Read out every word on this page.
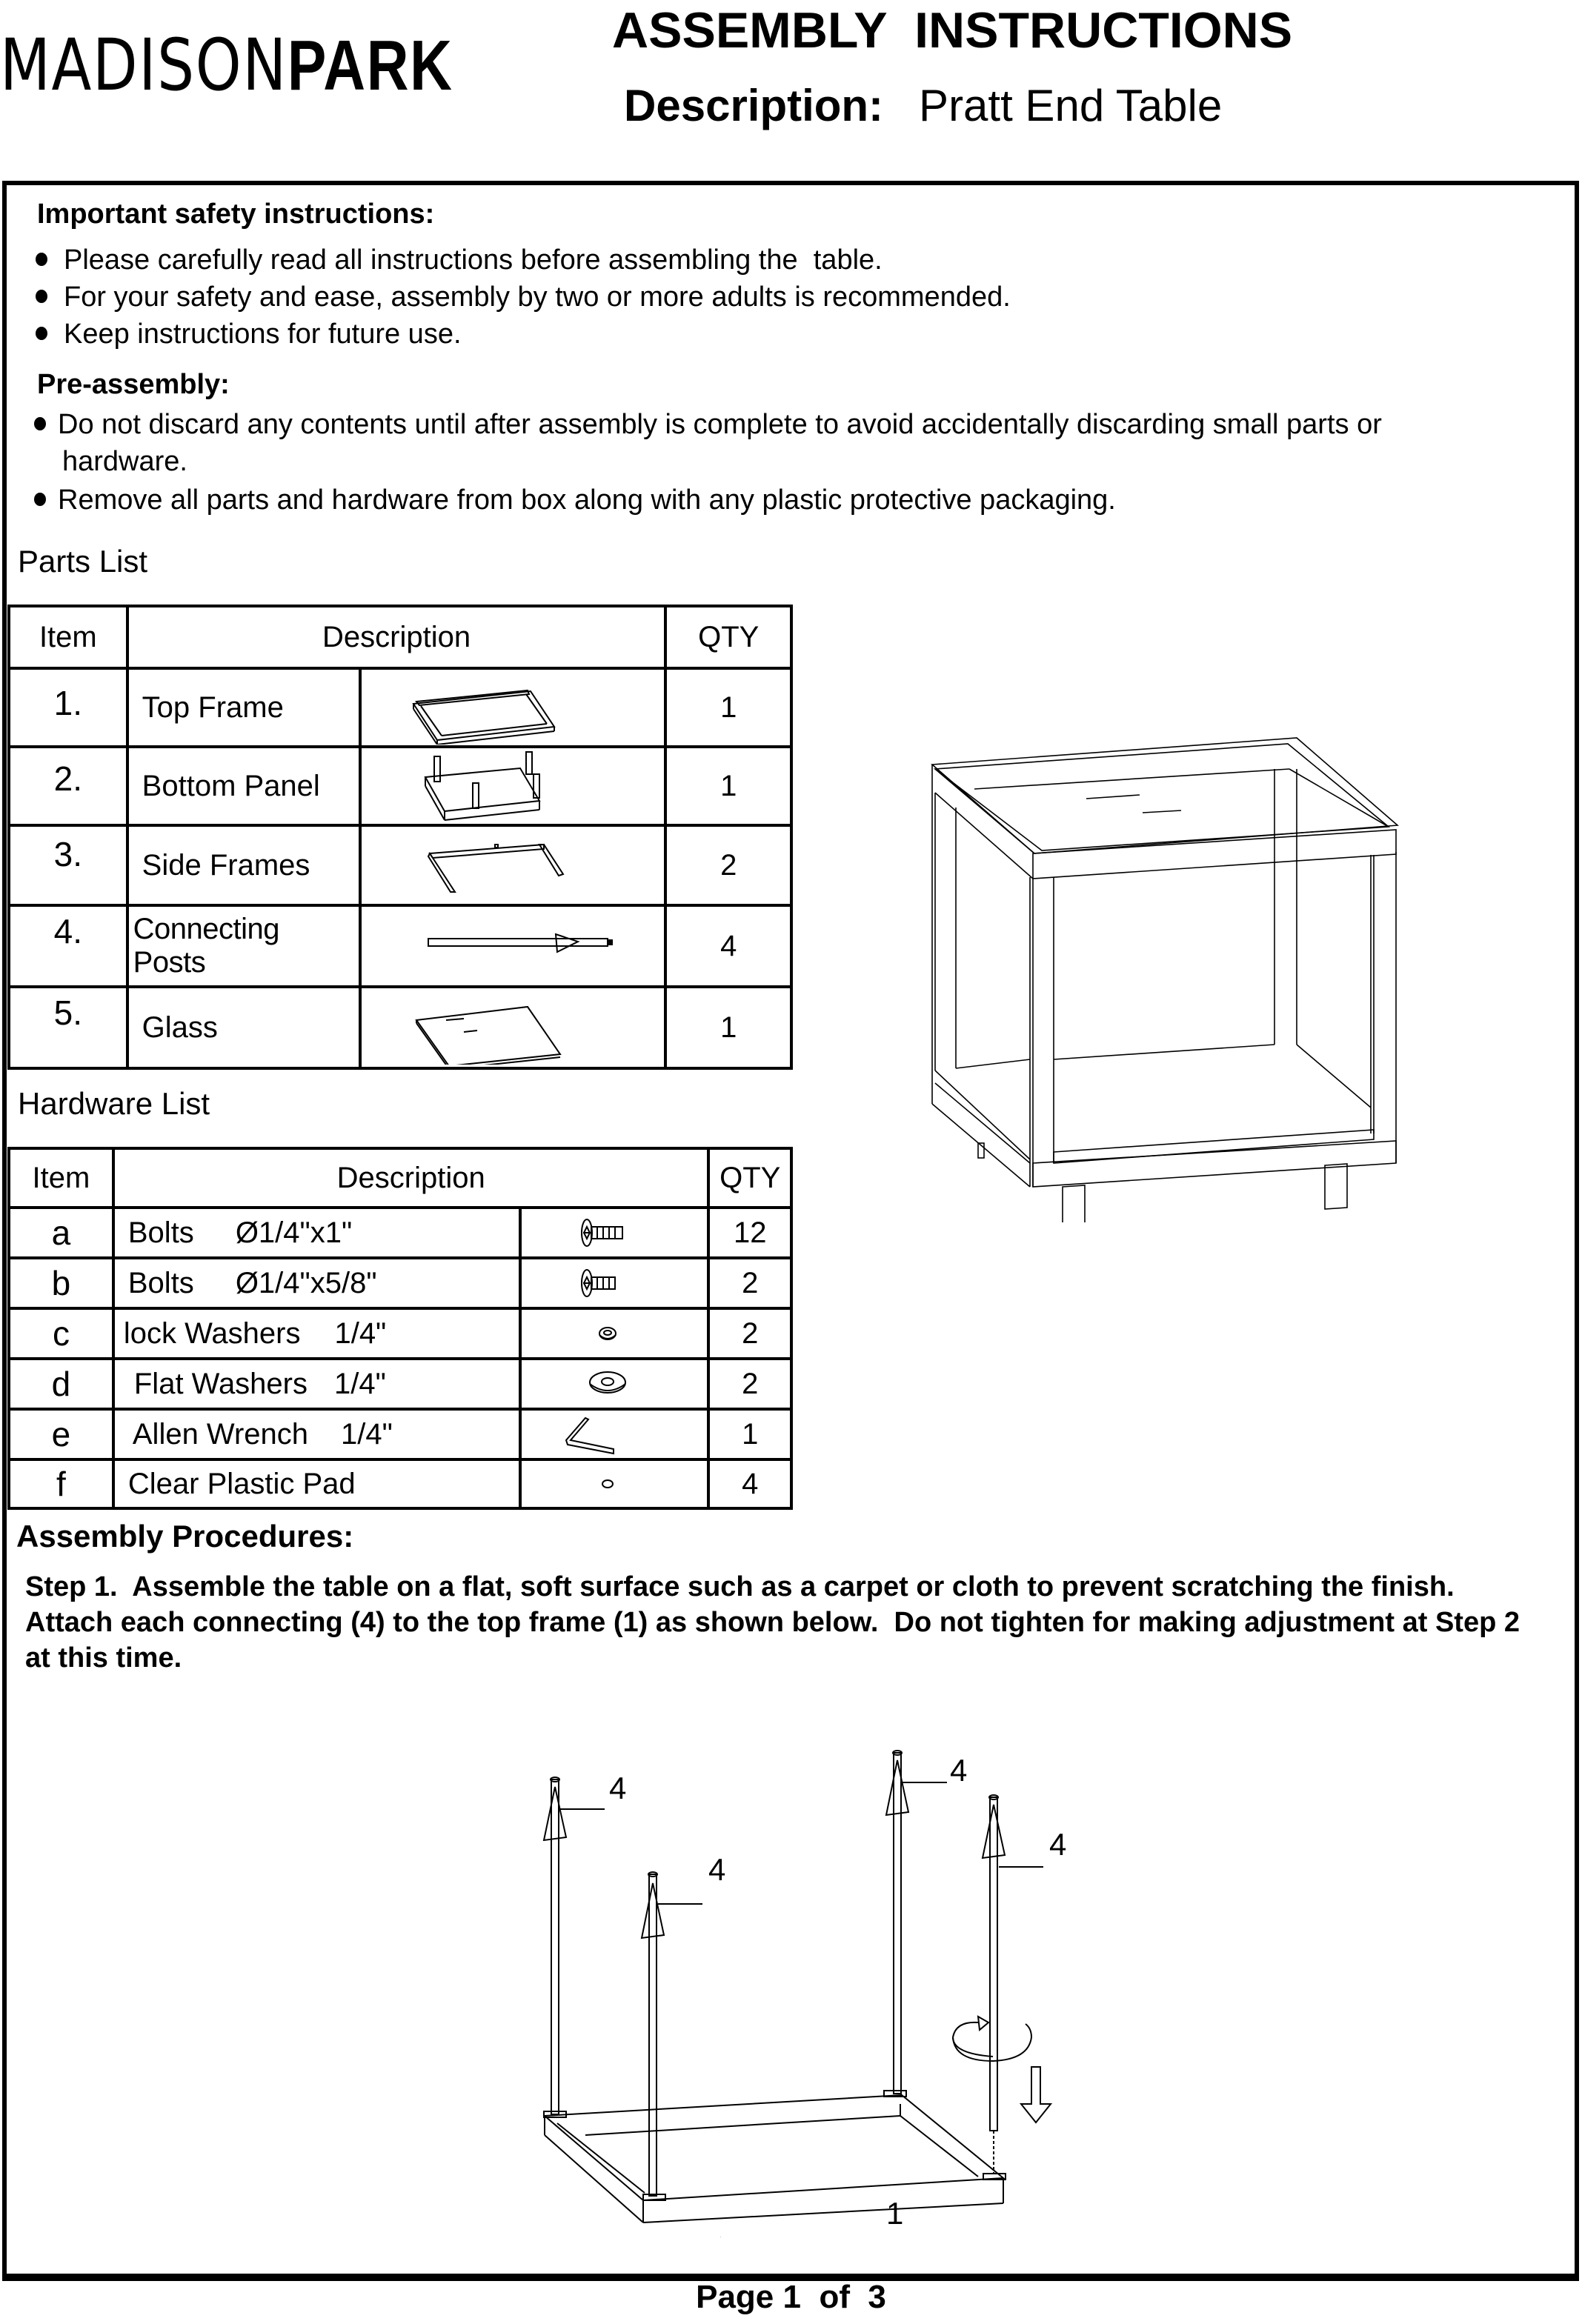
MADISONPARK	ASSEMBLY  INSTRUCTIONS
Description: Pratt End Table
Important safety instructions:
Please carefully read all instructions before assembling the  table.
For your safety and ease, assembly by two or more adults is recommended.
Keep instructions for future use.
Pre-assembly:
Do not discard any contents until after assembly is complete to avoid accidentally discarding small parts or
hardware.
Remove all parts and hardware from box along with any plastic protective packaging.
Parts List
Item	Description		QTY
1.	Top Frame		1
2.	Bottom Panel		1
3.	Side Frames		2
4.	Connecting Posts		4
5.	Glass		1
Hardware List
Item	Description		QTY
a	Bolts Ø1/4"x1"		12
b	Bolts Ø1/4"x5/8"		2
c	lock Washers 1/4"		2
d	Flat Washers 1/4"		2
e	Allen Wrench 1/4"		1
f	Clear Plastic Pad		4
Assembly Procedures:
Step 1.  Assemble the table on a flat, soft surface such as a carpet or cloth to prevent scratching the finish.
Attach each connecting (4) to the top frame (1) as shown below.  Do not tighten for making adjustment at Step 2
at this time.
4
4
4
4
1
Page 1 of 3
